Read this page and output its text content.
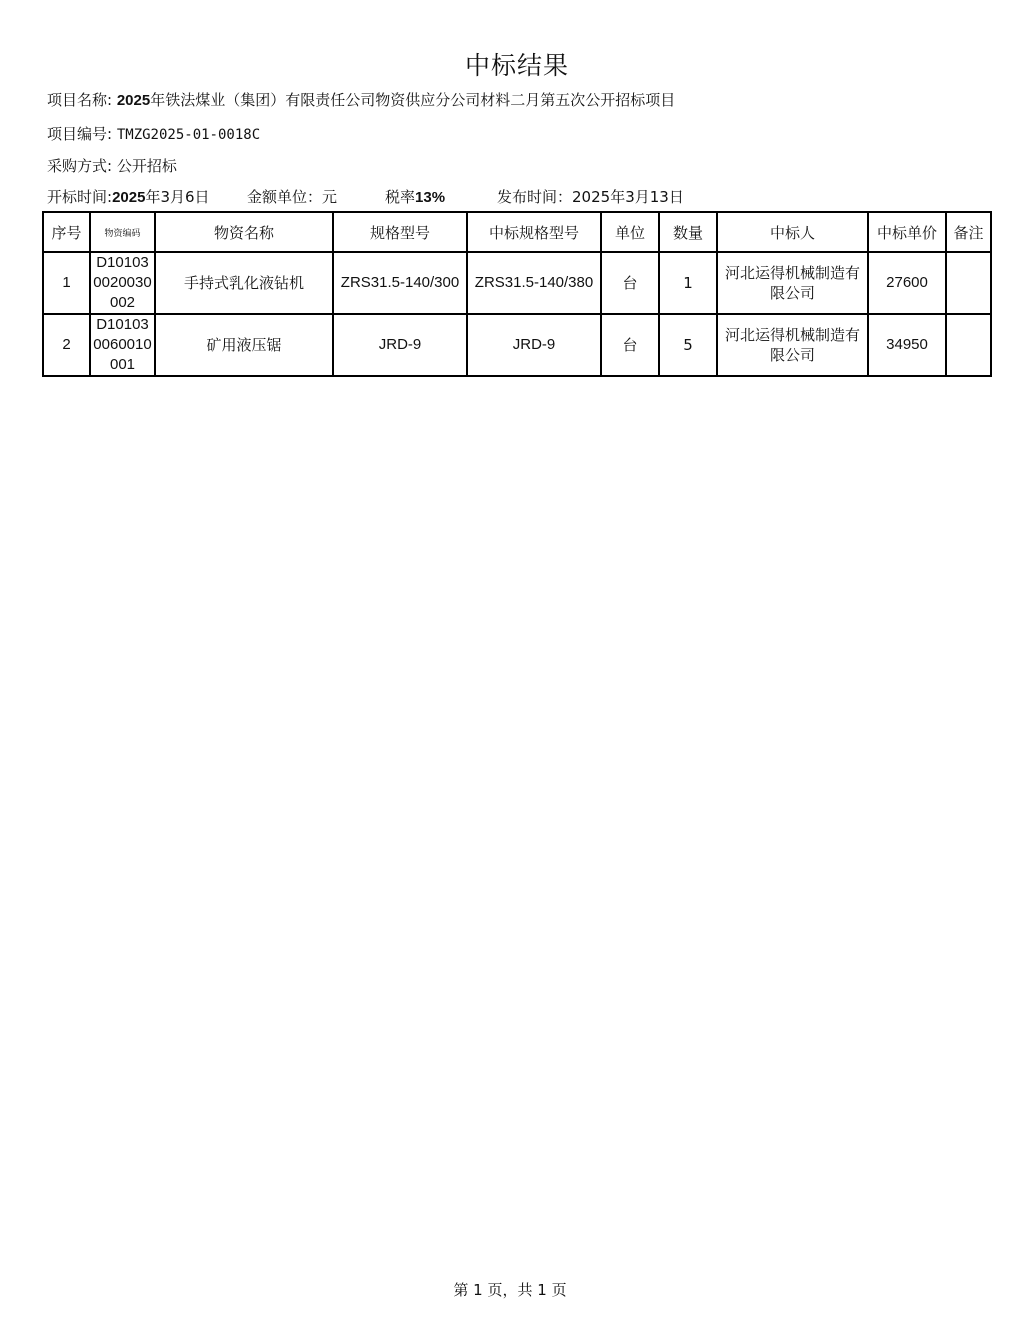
中标结果
项目名称: 2025年铁法煤业（集团）有限责任公司物资供应分公司材料二月第五次公开招标项目
项目编号: TMZG2025-01-0018C
采购方式: 公开招标
开标时间:2025年3月6日 金额单位：元	税率13%	发布时间：2025年3月13日
序号	物资编码	物资名称	规格型号	中标规格型号	单位	数量	中标人	中标单价	备注
1	D101030020030002	手持式乳化液钻机	ZRS31.5-140/300	ZRS31.5-140/380	台	1	河北运得机械制造有限公司	27600	
2	D101030060010001	矿用液压锯	JRD-9	JRD-9	台	5	河北运得机械制造有限公司	34950	
第 1 页，共 1 页
